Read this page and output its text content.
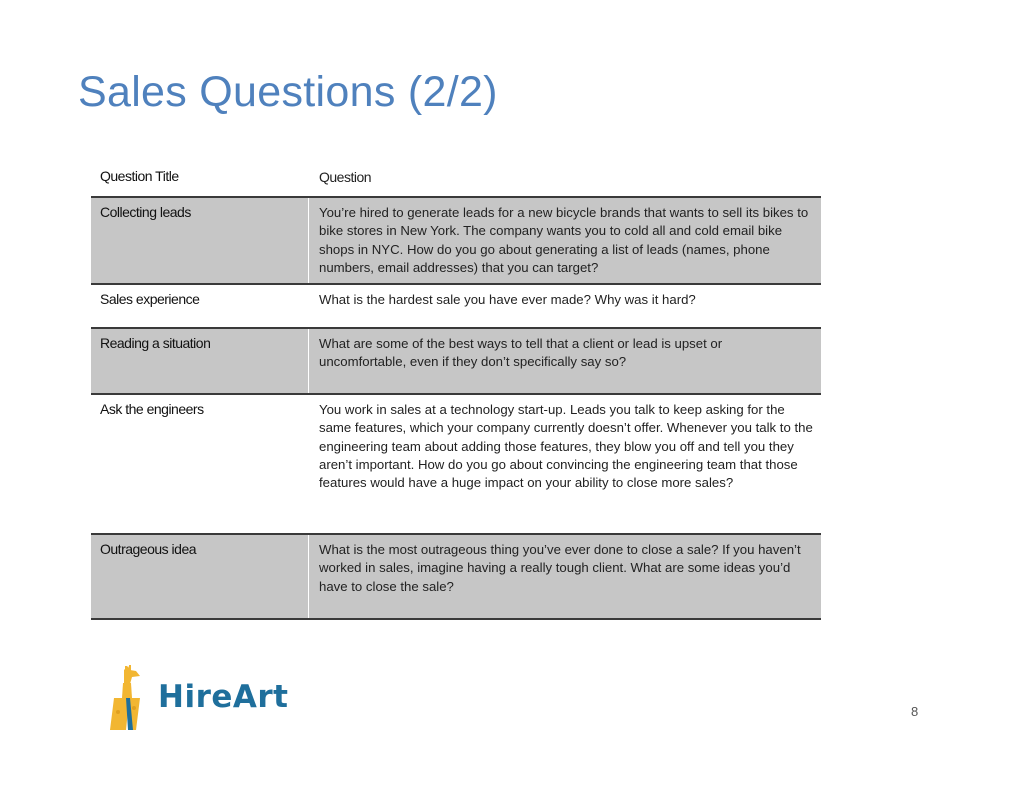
Sales Questions (2/2)
Question Title	Question
Collecting leads	You’re hired to generate leads for a new bicycle brands that wants to sell its bikes to bike stores in New York. The company wants you to cold all and cold email bike shops in NYC. How do you go about generating a list of leads (names, phone numbers, email addresses) that you can target?
Sales experience	What is the hardest sale you have ever made? Why was it hard?
Reading a situation	What are some of the best ways to tell that a client or lead is upset or uncomfortable, even if they don’t specifically say so?
Ask the engineers	You work in sales at a technology start-up. Leads you talk to keep asking for the same features, which your company currently doesn’t offer. Whenever you talk to the engineering team about adding those features, they blow you off and tell you they aren’t important. How do you go about convincing the engineering team that those features would have a huge impact on your ability to close more sales?
Outrageous idea	What is the most outrageous thing you’ve ever done to close a sale? If you haven’t worked in sales, imagine having a really tough client. What are some ideas you’d have to close the sale?
HireArt	8
